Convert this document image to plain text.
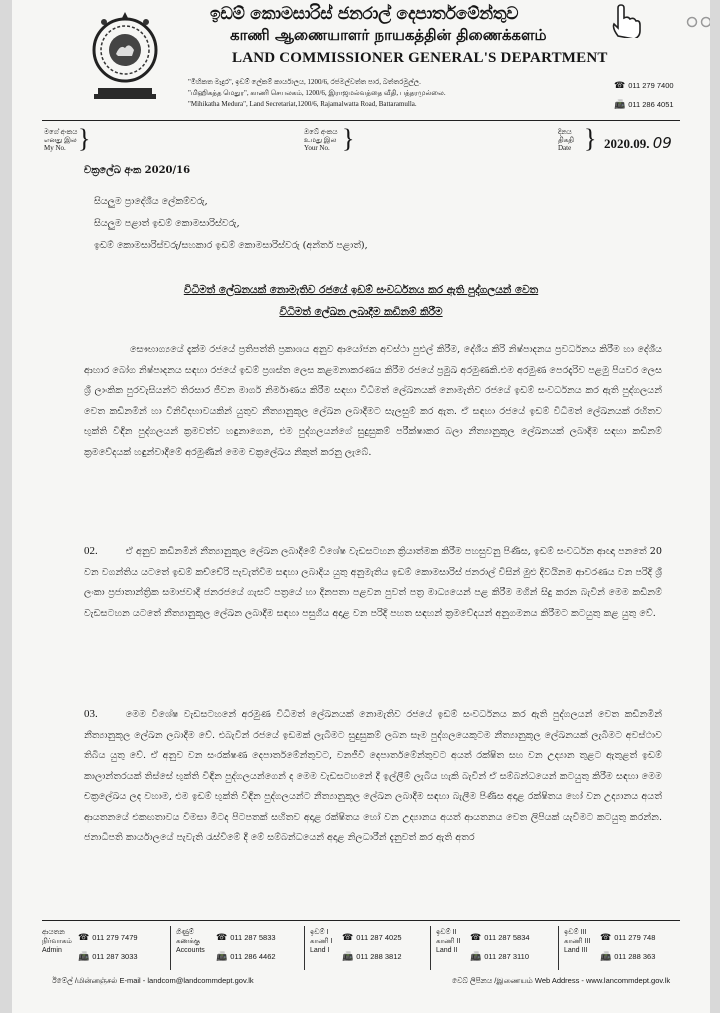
ඉඩම් කොමසාරිස් ජනරාල් දෙපාර්තමේන්තුව
காணி ஆணையாளர் நாயகத்தின் திணைக்களம்
LAND COMMISSIONER GENERAL'S DEPARTMENT
"මිහිකත මැදුර", ඉඩම් ලේකම් කාර්යාලය, 1200/6, රජමල්වත්ත පාර, බත්තරමුල්ල.
"மிஹிகத்த மெதுர", காணி செயலகம், 1200/6, இராஜமல்வத்தை வீதி, பத்தரமுல்லை.
"Mihikatha Medura", Land Secretariat,1200/6, Rajamalwatta Road, Battaramulla.
☎ 011 279 7400
📠 011 286 4051
මගේ අංකය
எனது இல
My No. }	ඔබේ අංකය
உமது இல
Your No. }	දිනය
திகதி
Date } 2020.09. 09
චක්‍රලේඛ අංක 2020/16
සියලුම ප්‍රාදේශීය ලේකම්වරු,
සියලුම පළාත් ඉඩම් කොමසාරිස්වරු,
ඉඩම් කොමසාරිස්වරු/සහකාර ඉඩම් කොමසාරිස්වරු (අන්තර් පළාත්),
විධිමත් ලේඛනයක් නොමැතිව රජයේ ඉඩම් සංවර්ධනය කර ඇති පුද්ගලයන් වෙත
විධිමත් ලේඛන ලබාදීම කඩිනම් කිරීම
සෞභාග්‍යයේ දැක්ම රජයේ ප්‍රතිපත්ති ප්‍රකාශය අනුව ආයෝජන අවස්ථා පුළුල් කිරීම, දේශීය කිරි නිෂ්පාදනය ප්‍රවර්ධනය කිරීම හා දේශීය ආහාර බෝග නිෂ්පාදනය සඳහා රජයේ ඉඩම් ප්‍රශස්ත ලෙස කළමනාකරණය කිරීම රජයේ ප්‍රමුඛ අරමුණකි.එම අරමුණ පෙරදැරිව පළමු පියවර ලෙස ශ්‍රී ලාංකික පුරවැසියන්ට තිරසාර ජීවන මාර්ග නිර්මාණය කිරීම සඳහා විධිමත් ලේඛනයක් නොමැතිව රජයේ ඉඩම් සංවර්ධනය කර ඇති පුද්ගලයන් වෙත කඩිනමින් හා විනිවිදභාවයකින් යුතුව නීත්‍යානුකූල ලේඛන ලබාදීමට සැලසුම් කර ඇත. ඒ සඳහා රජයේ ඉඩම් විධිමත් ලේඛනයක් රහිතව භුක්ති විඳින පුද්ගලයන් ක්‍රමවත්ව හඳුනාගෙන, එම පුද්ගලයන්ගේ සුදුසුකම් පරීක්ෂාකර බලා නීත්‍යානුකූල ලේඛනයක් ලබාදීම සඳහා කඩිනම් ක්‍රමවේදයක් හඳුන්වාදීමේ අරමුණින් මෙම චක්‍රලේඛය නිකුත් කරනු ලැබේ.
02.	ඒ අනුව කඩිනමින් නීත්‍යානුකූල ලේඛන ලබාදීමේ විශේෂ වැඩසටහන ක්‍රියාත්මක කිරීම පහසුවනු පිණිස, ඉඩම් සංවර්ධන ආඥා පනතේ 20 වන වගන්තිය යටතේ ඉඩම් කච්චේරි පැවැත්වීම සඳහා ලබාදිය යුතු අනුමැතිය ඉඩම් කොමසාරිස් ජනරාල් විසින් මුළු දිවයිනම ආවරණය වන පරිදි ශ්‍රී ලංකා ප්‍රජාතාන්ත්‍රික සමාජවාදී ජනරජයේ ගැසට් පත්‍රයේ හා දිනපතා පළවන පුවත් පත්‍ර මාධ්‍යයෙන් පළ කිරීම මගින් සිදු කරන බැවින් මෙම කඩිනම් වැඩසටහන යටතේ නීත්‍යානුකූල ලේඛන ලබාදීම සඳහා පසුගිය අදාළ වන පරිදි පහත සඳහන් ක්‍රමවේදයන් අනුගමනය කිරීමට කටයුතු කළ යුතු වේ.
03.	මෙම විශේෂ වැඩසටහනේ අරමුණ විධිමත් ලේඛනයක් නොමැතිව රජයේ ඉඩම් සංවර්ධනය කර ඇති පුද්ගලයන් වෙත කඩිනමින් නීත්‍යානුකූල ලේඛන ලබාදීම වේ. එබැවින් රජයේ ඉඩමක් ලැබීමට සුදුසුකම් ලබන සෑම පුද්ගලයෙකුටම නීත්‍යානුකූල ලේඛනයක් ලැබීමට අවස්ථාව තිබිය යුතු වේ. ඒ අනුව වන සංරක්ෂණ දෙපාර්තමේන්තුවට, වනජීවී දෙපාර්තමේන්තුවට අයත් රක්ෂිත සහ වන උද්‍යාන තුළට ඇතුළත් ඉඩම් කාලාන්තරයක් තිස්සේ භුක්ති විඳින පුද්ගලයන්ගෙන් ද මෙම වැඩසටහනේ දී ඉල්ලීම් ලැබිය හැකි බැවින් ඒ සම්බන්ධයෙන් කටයුතු කිරීම සඳහා මෙම චක්‍රලේඛය ලද වහාම, එම ඉඩම් භුක්ති විඳින පුද්ගලයන්ට නීත්‍යානුකූල ලේඛන ලබාදීම සඳහා බැලීම පිණිස අදාළ රක්ෂිතය හෝ වන උද්‍යානය අයත් ආයතනයේ එකඟතාවය විමසා මිටද පිටපතක් සහිතව අදාළ රක්ෂිතය හෝ වන උද්‍යානය අයත් ආයතනය වෙත ලිපියක් යැවීමට කටයුතු කරන්න. ජනාධිපති කාර්යාලයේ පැවැති රැස්වීමේ දී මේ සම්බන්ධයෙන් අදාළ නිලධාරීන් දැනුවත් කර ඇති අතර
ආයතන
நிர்வாகம்
Admin
☎ 011 279 7479
📠 011 287 3033
ගිණුම්
கணக்கு
Accounts
☎ 011 287 5833
📠 011 286 4462
ඉඩම් I
காணி I
Land I
☎ 011 287 4025
📠 011 288 3812
ඉඩම් II
காணி II
Land II
☎ 011 287 5834
📠 011 287 3110
ඉඩම් III
காணி III
Land III
☎ 011 279 748
📠 011 288 363
ඊමේල් /மின்னஞ்சல் E-mail - landcom@landcommdept.gov.lk	වෙබ් ලිපිනය /இணையம் Web Address - www.lancommdept.gov.lk
